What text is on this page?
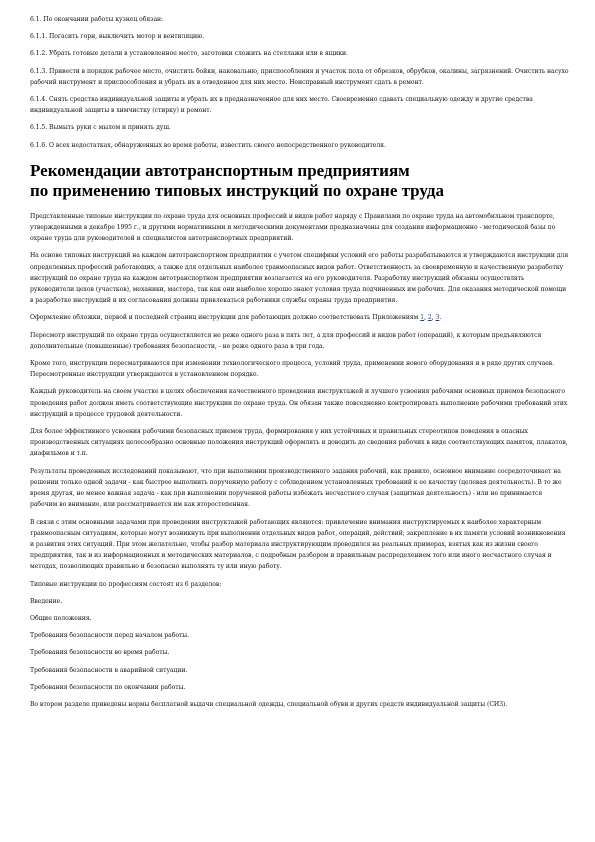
6.1. По окончании работы кузнец обязан:

6.1.1. Погасить горн, выключить мотор и вентиляцию.

6.1.2. Убрать готовые детали в установленное место, заготовки сложить на стеллажи или в ящики.

6.1.3. Привести в порядок рабочее место, очистить бойки, наковальню, приспособления и участок пола от обрезков, обрубков, окалины, загрязнений. Очистить насухо рабочий инструмент и приспособления и убрать их в отведенное для них место. Неисправный инструмент сдать в ремонт.

6.1.4. Снять средства индивидуальной защиты и убрать их в предназначенное для них место. Своевременно сдавать специальную одежду и другие средства индивидуальной защиты в химчистку (стирку) и ремонт.

6.1.5. Вымыть руки с мылом и принять душ.

6.1.6. О всех недостатках, обнаруженных во время работы, известить своего непосредственного руководителя.

Рекомендации автотранспортным предприятиям
по применению типовых инструкций по охране труда

Представленные типовые инструкции по охране труда для основных профессий и видов работ наряду с Правилами по охране труда на автомобильном транспорте, утвержденными в декабре 1995 г., и другими нормативными и методическими документами предназначены для создания информационно - методической базы по охране труда для руководителей и специалистов автотранспортных предприятий.

На основе типовых инструкций на каждом автотранспортном предприятии с учетом специфики условий его работы разрабатываются и утверждаются инструкции для определенных профессий работающих, а также для отдельных наиболее травмоопасных видов работ. Ответственность за своевременную и качественную разработку инструкций по охране труда на каждом автотранспортном предприятии возлагается на его руководителя. Разработку инструкций обязаны осуществлять руководители цехов (участков), механики, мастера, так как они наиболее хорошо знают условия труда подчиненных им рабочих. Для оказания методической помощи в разработке инструкций и их согласования должны привлекаться работники службы охраны труда предприятия.

Оформление обложки, первой и последней страниц инструкции для работающих должно соответствовать Приложениям 1, 2, 3.

Пересмотр инструкций по охране труда осуществляется не реже одного раза в пять лет, а для профессий и видов работ (операций), к которым предъявляются дополнительные (повышенные) требования безопасности, - не реже одного раза в три года.

Кроме того, инструкции пересматриваются при изменении технологического процесса, условий труда, применении нового оборудования и в ряде других случаев. Пересмотренные инструкции утверждаются в установленном порядке.

Каждый руководитель на своем участке в целях обеспечения качественного проведения инструктажей и лучшего усвоения рабочими основных приемов безопасного проведения работ должен иметь соответствующие инструкции по охране труда. Он обязан также повседневно контролировать выполнение рабочими требований этих инструкций в процессе трудовой деятельности.

Для более эффективного усвоения рабочими безопасных приемов труда, формирования у них устойчивых и правильных стереотипов поведения в опасных производственных ситуациях целесообразно основные положения инструкций оформлять и доводить до сведения рабочих в виде соответствующих памяток, плакатов, диафильмов и т.п.

Результаты проведенных исследований показывают, что при выполнении производственного задания рабочий, как правило, основное внимание сосредоточивает на решении только одной задачи - как быстрее выполнить порученную работу с соблюдением установленных требований к ее качеству (целевая деятельность). В то же время другая, не менее важная задача - как при выполнении порученной работы избежать несчастного случая (защитная деятельность) - или не принимается рабочим во внимание, или рассматривается им как второстепенная.

В связи с этим основными задачами при проведении инструктажей работающих являются: привлечение внимания инструктируемых к наиболее характерным травмоопасным ситуациям, которые могут возникнуть при выполнении отдельных видов работ, операций, действий; закрепление в их памяти условий возникновения и развития этих ситуаций. При этом желательно, чтобы разбор материала инструктирующим проводился на реальных примерах, взятых как из жизни своего предприятия, так и из информационных и методических материалов, с подробным разбором и правильным распределением того или иного несчастного случая и методах, позволяющих правильно и безопасно выполнять ту или иную работу.

Типовые инструкции по профессиям состоят из 6 разделов:

Введение.

Общие положения.

Требования безопасности перед началом работы.

Требования безопасности во время работы.

Требования безопасности в аварийной ситуации.

Требования безопасности по окончании работы.

Во втором разделе приведены нормы бесплатной выдачи специальной одежды, специальной обуви и других средств индивидуальной защиты (СИЗ).
